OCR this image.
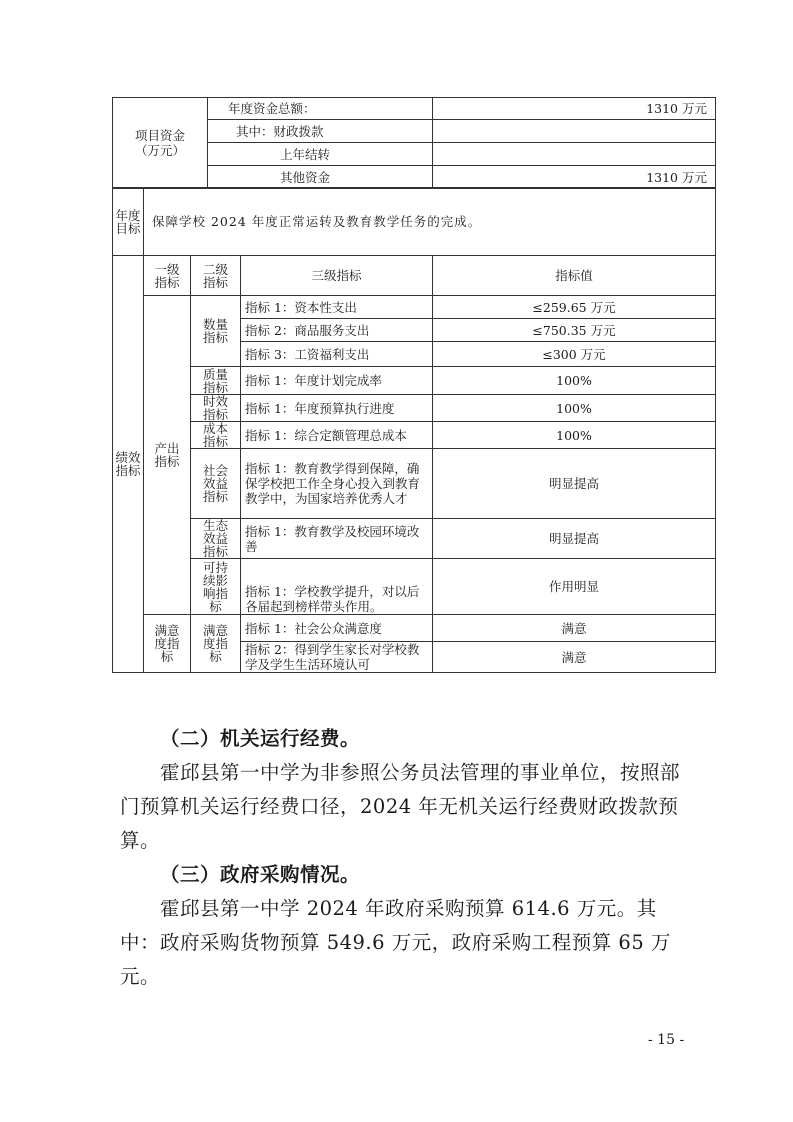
项目资金（万元）	年度资金总额：	1310 万元
	其中：财政拨款	
	上年结转	
	其他资金	1310 万元
年度目标	保障学校 2024 年度正常运转及教育教学任务的完成。
绩效指标	一级指标	二级指标	三级指标	指标值
	产出指标	数量指标	指标 1：资本性支出	≤259.65 万元
			指标 2：商品服务支出	≤750.35 万元
			指标 3：工资福利支出	≤300 万元
		质量指标	指标 1：年度计划完成率	100%
		时效指标	指标 1：年度预算执行进度	100%
		成本指标	指标 1：综合定额管理总成本	100%
		社会效益指标	指标 1：教育教学得到保障，确保学校把工作全身心投入到教育教学中，为国家培养优秀人才	明显提高
		生态效益指标	指标 1：教育教学及校园环境改善	明显提高
		可持续影响指标	指标 1：学校教学提升，对以后各届起到榜样带头作用。	作用明显
	满意度指标	满意度指标	指标 1：社会公众满意度	满意
			指标 2：得到学生家长对学校教学及学生生活环境认可	满意
（二）机关运行经费。

霍邱县第一中学为非参照公务员法管理的事业单位，按照部门预算机关运行经费口径，2024 年无机关运行经费财政拨款预算。

（三）政府采购情况。

霍邱县第一中学 2024 年政府采购预算 614.6 万元。其中：政府采购货物预算 549.6 万元，政府采购工程预算 65 万元。

- 15 -
